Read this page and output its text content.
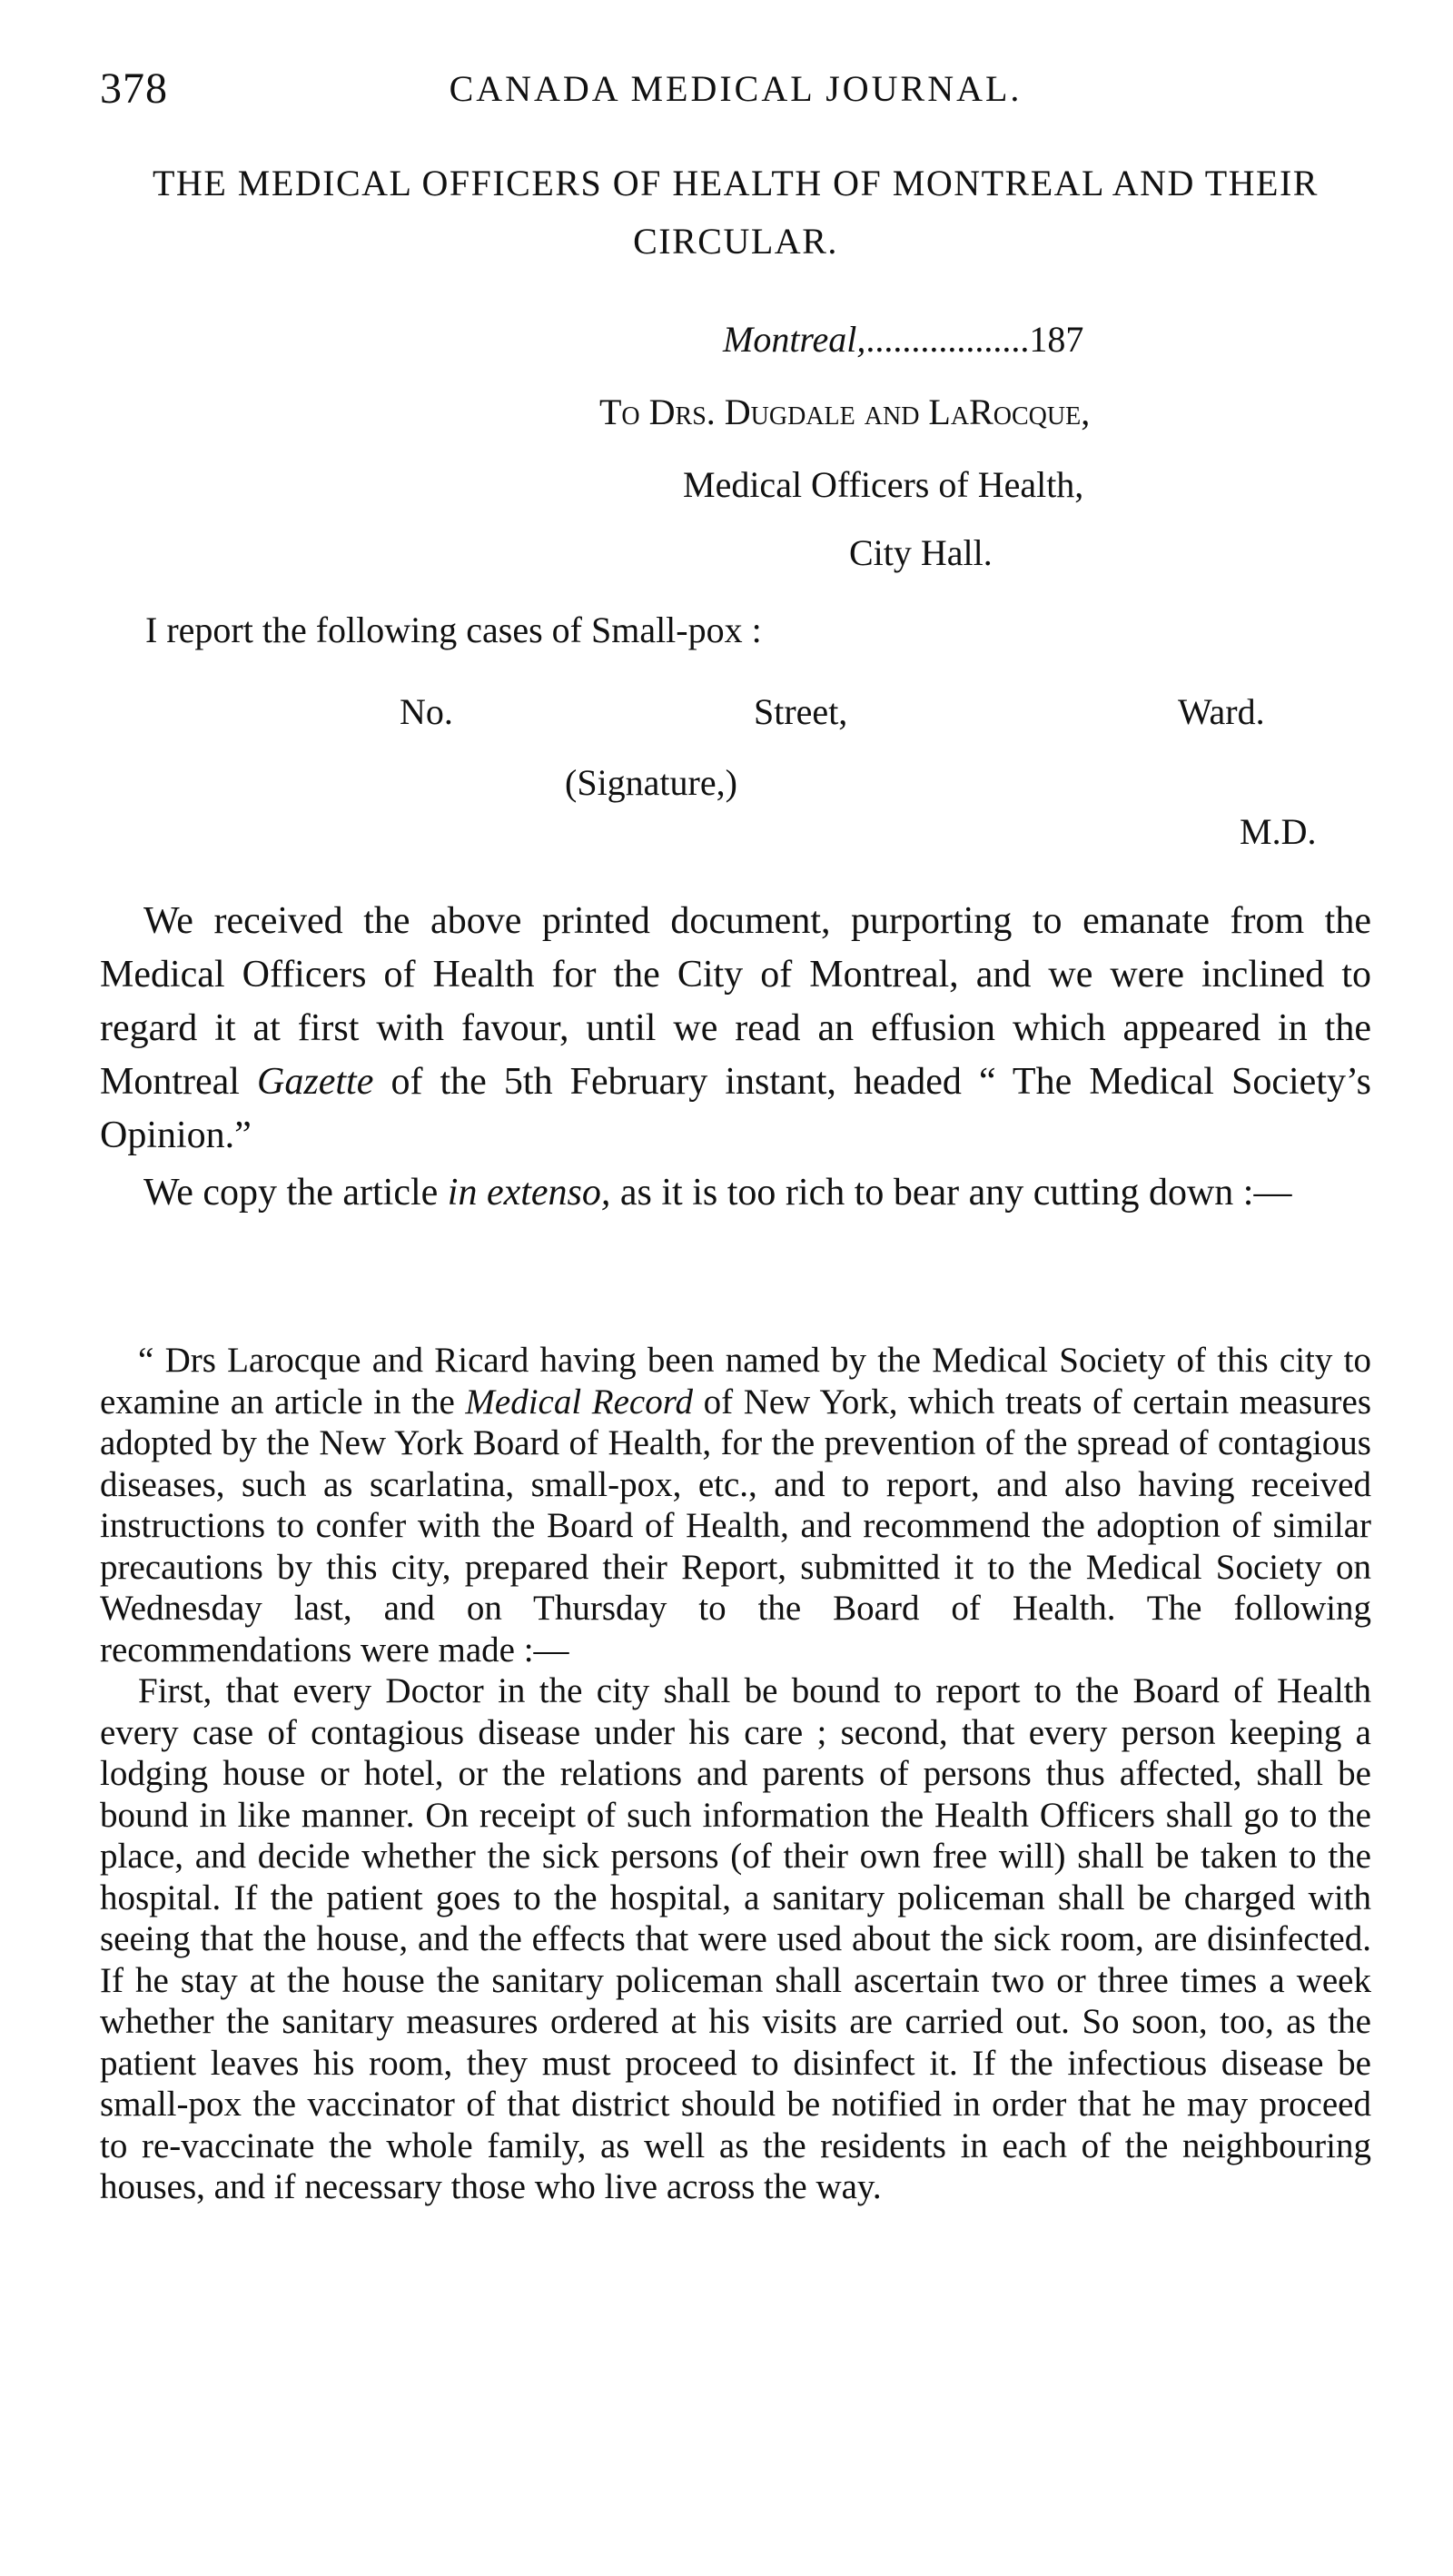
378	CANADA MEDICAL JOURNAL.
THE MEDICAL OFFICERS OF HEALTH OF MONTREAL AND THEIR CIRCULAR.
Montreal,..................187
To Drs. Dugdale and LaRocque,
Medical Officers of Health,
City Hall.
I report the following cases of Small-pox :
No.	Street,	Ward.
(Signature,)
M.D.

We received the above printed document, purporting to emanate from the Medical Officers of Health for the City of Montreal, and we were inclined to regard it at first with favour, until we read an effusion which appeared in the Montreal Gazette of the 5th February instant, headed “ The Medical Society’s Opinion.”

We copy the article in extenso, as it is too rich to bear any cutting down :—

“ Drs Larocque and Ricard having been named by the Medical Society of this city to examine an article in the Medical Record of New York, which treats of certain measures adopted by the New York Board of Health, for the prevention of the spread of contagious diseases, such as scarlatina, small-pox, etc., and to report, and also having received instructions to confer with the Board of Health, and recommend the adoption of similar precautions by this city, prepared their Report, submitted it to the Medical Society on Wednesday last, and on Thursday to the Board of Health. The following recommendations were made :—

First, that every Doctor in the city shall be bound to report to the Board of Health every case of contagious disease under his care ; second, that every person keeping a lodging house or hotel, or the relations and parents of persons thus affected, shall be bound in like manner. On receipt of such information the Health Officers shall go to the place, and decide whether the sick persons (of their own free will) shall be taken to the hospital. If the patient goes to the hospital, a sanitary policeman shall be charged with seeing that the house, and the effects that were used about the sick room, are disinfected. If he stay at the house the sanitary policeman shall ascertain two or three times a week whether the sanitary measures ordered at his visits are carried out. So soon, too, as the patient leaves his room, they must proceed to disinfect it. If the infectious disease be small-pox the vaccinator of that district should be notified in order that he may proceed to re-vaccinate the whole family, as well as the residents in each of the neighbouring houses, and if necessary those who live across the way.
